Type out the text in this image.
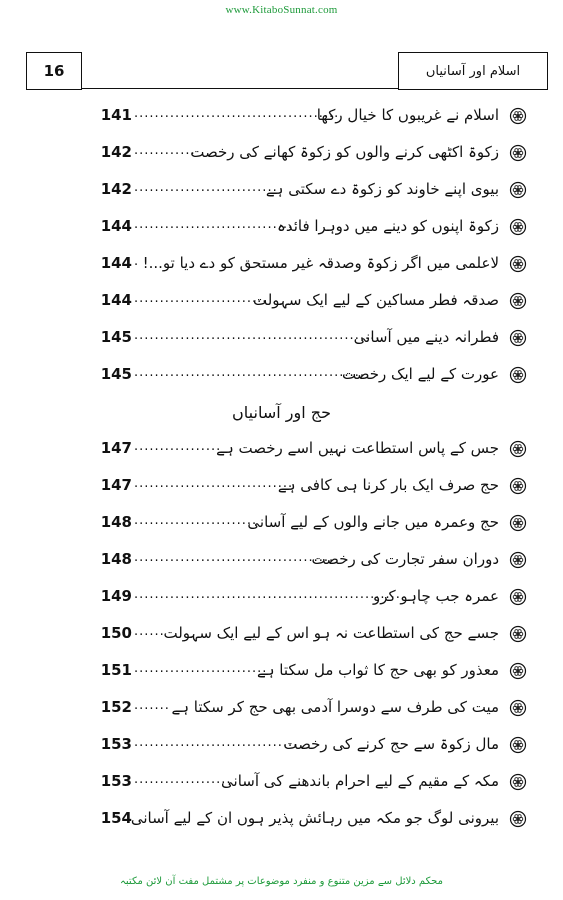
www.KitaboSunnat.com
16	اسلام اور آسانیاں
اسلام نے غریبوں کا خیال رکھا
........................................
141
زکوۃ اکٹھی کرنے والوں کو زکوۃ کھانے کی رخصت
............
142
بیوی اپنے خاوند کو زکوۃ دے سکتی ہے
............................
142
زکوۃ اپنوں کو دینے میں دوہرا فائدہ
...............................
144
لاعلمی میں اگر زکوۃ وصدقہ غیر مستحق کو دے دیا تو...!
.
144
صدقہ فطر مساکین کے لیے ایک سہولت
..........................
144
فطرانہ دینے میں آسانی
................................................
145
عورت کے لیے ایک رخصت
.............................................
145
حج اور آسانیاں
جس کے پاس استطاعت نہیں اسے رخصت ہے
.................
147
حج صرف ایک بار کرنا ہی کافی ہے
...............................
147
حج وعمرہ میں جانے والوں کے لیے آسانی
........................
148
دوران سفر تجارت کی رخصت
.......................................
148
عمرہ جب چاہو کرو
....................................................
149
جسے حج کی استطاعت نہ ہو اس کے لیے ایک سہولت
......
150
معذور کو بھی حج کا ثواب مل سکتا ہے
..........................
151
میت کی طرف سے دوسرا آدمی بھی حج کر سکتا ہے
.......
152
مال زکوۃ سے حج کرنے کی رخصت
................................
153
مکہ کے مقیم کے لیے احرام باندھنے کی آسانی
...................
153
بیرونی لوگ جو مکہ میں رہائش پذیر ہوں ان کے لیے آسانی
154
محکم دلائل سے مزین متنوع و منفرد موضوعات پر مشتمل مفت آن لائن مکتبہ
